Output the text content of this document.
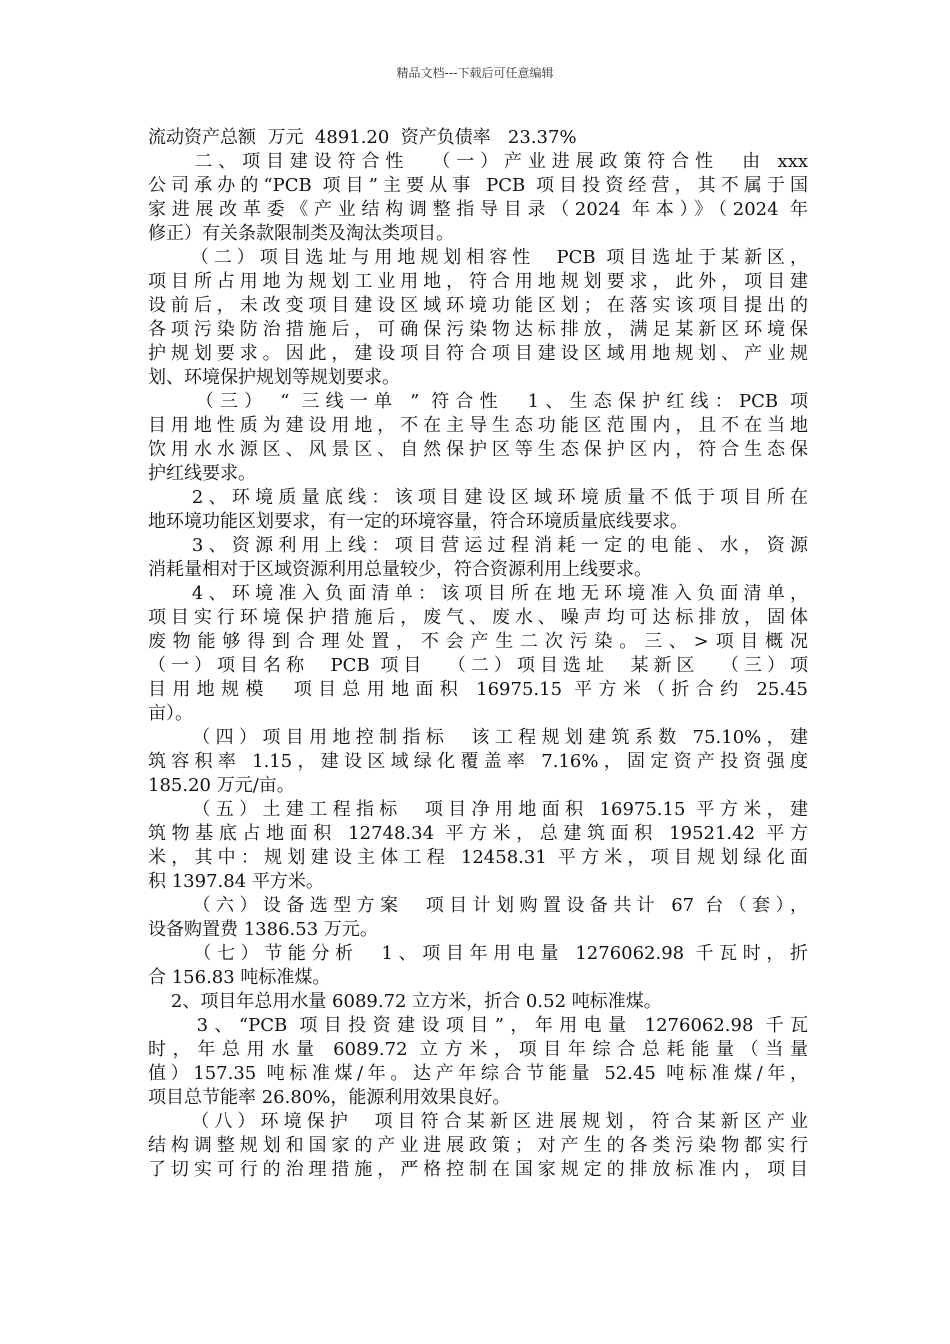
精品文档---下载后可任意编辑
流动资产总额  万元  4891.20  资产负债率   23.37%
二、项目建设符合性  （一）产业进展政策符合性  由 xxx
公司承办的“PCB 项目”主要从事 PCB 项目投资经营，其不属于国
家进展改革委《产业结构调整指导目录（2024 年本）》（2024 年
修正）有关条款限制类及淘汰类项目。
（二）项目选址与用地规划相容性  PCB 项目选址于某新区，
项目所占用地为规划工业用地，符合用地规划要求，此外，项目建
设前后，未改变项目建设区域环境功能区划；在落实该项目提出的
各项污染防治措施后，可确保污染物达标排放，满足某新区环境保
护规划要求。因此，建设项目符合项目建设区域用地规划、产业规
划、环境保护规划等规划要求。
（三） “ 三线一单 ” 符合性  1、生态保护红线：PCB 项
目用地性质为建设用地，不在主导生态功能区范围内，且不在当地
饮用水水源区、风景区、自然保护区等生态保护区内，符合生态保
护红线要求。
2、环境质量底线：该项目建设区域环境质量不低于项目所在
地环境功能区划要求，有一定的环境容量，符合环境质量底线要求。
3、资源利用上线：项目营运过程消耗一定的电能、水，资源
消耗量相对于区域资源利用总量较少，符合资源利用上线要求。
4、环境准入负面清单：该项目所在地无环境准入负面清单，
项目实行环境保护措施后，废气、废水、噪声均可达标排放，固体
废物能够得到合理处置，不会产生二次污染。三、>项目概况
（一）项目名称  PCB 项目  （二）项目选址  某新区  （三）项
目用地规模  项目总用地面积 16975.15 平方米（折合约 25.45
亩）。
（四）项目用地控制指标  该工程规划建筑系数 75.10%，建
筑容积率 1.15，建设区域绿化覆盖率 7.16%，固定资产投资强度
185.20 万元/亩。
（五）土建工程指标  项目净用地面积 16975.15 平方米，建
筑物基底占地面积 12748.34 平方米，总建筑面积 19521.42 平方
米，其中：规划建设主体工程 12458.31 平方米，项目规划绿化面
积 1397.84 平方米。
（六）设备选型方案  项目计划购置设备共计 67 台（套），
设备购置费 1386.53 万元。
（七）节能分析  1、项目年用电量 1276062.98 千瓦时，折
合 156.83 吨标准煤。
2、项目年总用水量 6089.72 立方米，折合 0.52 吨标准煤。
3、“PCB 项目投资建设项目”，年用电量 1276062.98 千瓦
时，年总用水量 6089.72 立方米，项目年综合总耗能量（当量
值）157.35 吨标准煤/年。达产年综合节能量 52.45 吨标准煤/年，
项目总节能率 26.80%，能源利用效果良好。
（八）环境保护  项目符合某新区进展规划，符合某新区产业
结构调整规划和国家的产业进展政策；对产生的各类污染物都实行
了切实可行的治理措施，严格控制在国家规定的排放标准内，项目
